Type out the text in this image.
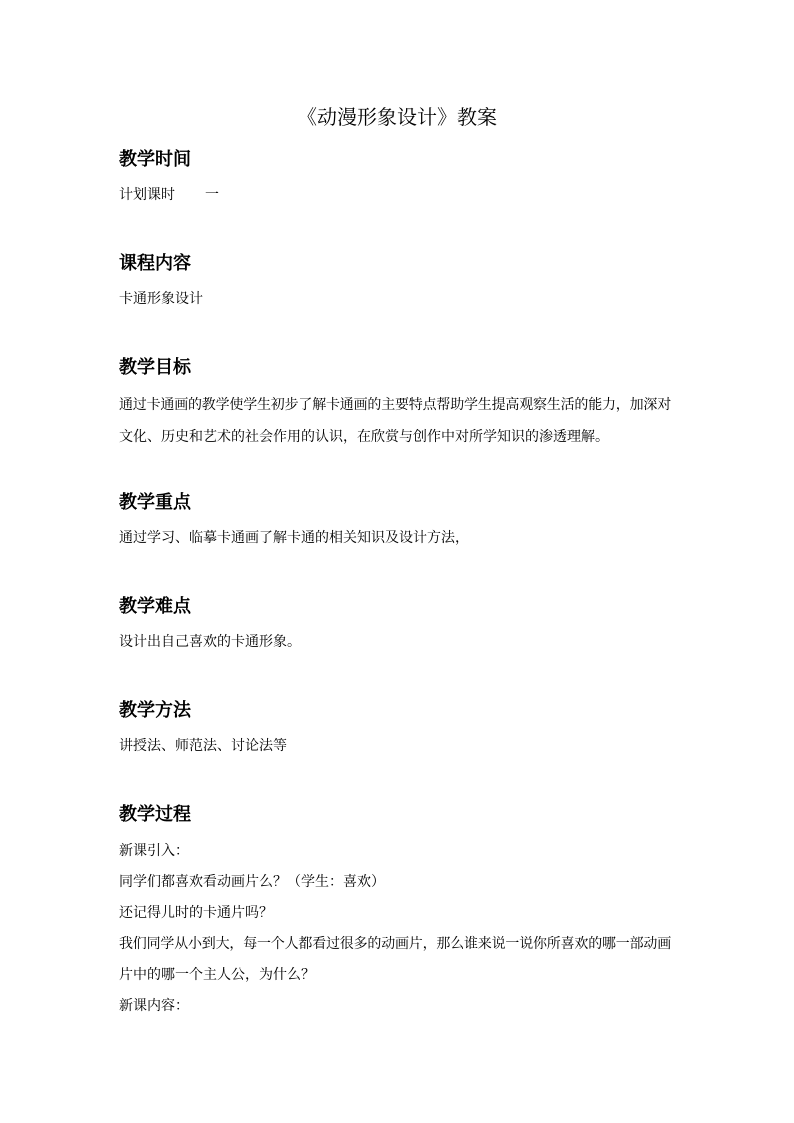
《动漫形象设计》教案
教学时间

计划课时 一

课程内容

卡通形象设计

教学目标

通过卡通画的教学使学生初步了解卡通画的主要特点帮助学生提高观察生活的能力，加深对

文化、历史和艺术的社会作用的认识，在欣赏与创作中对所学知识的渗透理解。

教学重点

通过学习、临摹卡通画了解卡通的相关知识及设计方法，

教学难点

设计出自己喜欢的卡通形象。

教学方法

讲授法、师范法、讨论法等

教学过程

新课引入：

同学们都喜欢看动画片么？（学生：喜欢）

还记得儿时的卡通片吗？

我们同学从小到大，每一个人都看过很多的动画片，那么谁来说一说你所喜欢的哪一部动画

片中的哪一个主人公，为什么？

新课内容：
